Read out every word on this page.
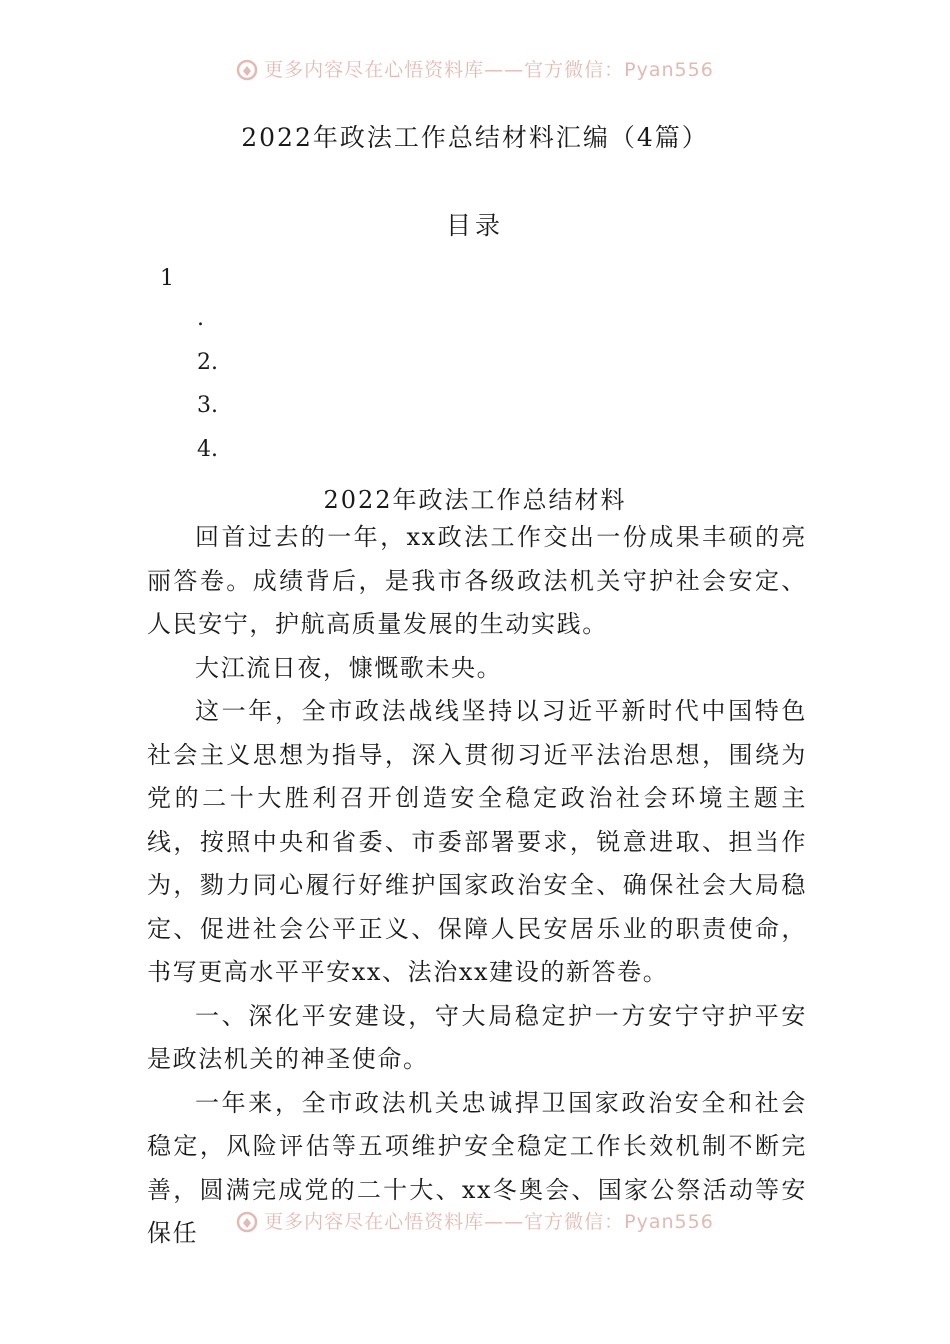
更多内容尽在心悟资料库——官方微信：Pyan556
2022年政法工作总结材料汇编（4篇）
目录
1
.
2.
3.
4.
2022年政法工作总结材料

回首过去的一年，xx政法工作交出一份成果丰硕的亮丽答卷。成绩背后，是我市各级政法机关守护社会安定、人民安宁，护航高质量发展的生动实践。

大江流日夜，慷慨歌未央。

这一年，全市政法战线坚持以习近平新时代中国特色社会主义思想为指导，深入贯彻习近平法治思想，围绕为党的二十大胜利召开创造安全稳定政治社会环境主题主线，按照中央和省委、市委部署要求，锐意进取、担当作为，勠力同心履行好维护国家政治安全、确保社会大局稳定、促进社会公平正义、保障人民安居乐业的职责使命，书写更高水平平安xx、法治xx建设的新答卷。

一、深化平安建设，守大局稳定护一方安宁守护平安是政法机关的神圣使命。

一年来，全市政法机关忠诚捍卫国家政治安全和社会稳定，风险评估等五项维护安全稳定工作长效机制不断完善，圆满完成党的二十大、xx冬奥会、国家公祭活动等安保任	更多内容尽在心悟资料库——官方微信：Pyan556
